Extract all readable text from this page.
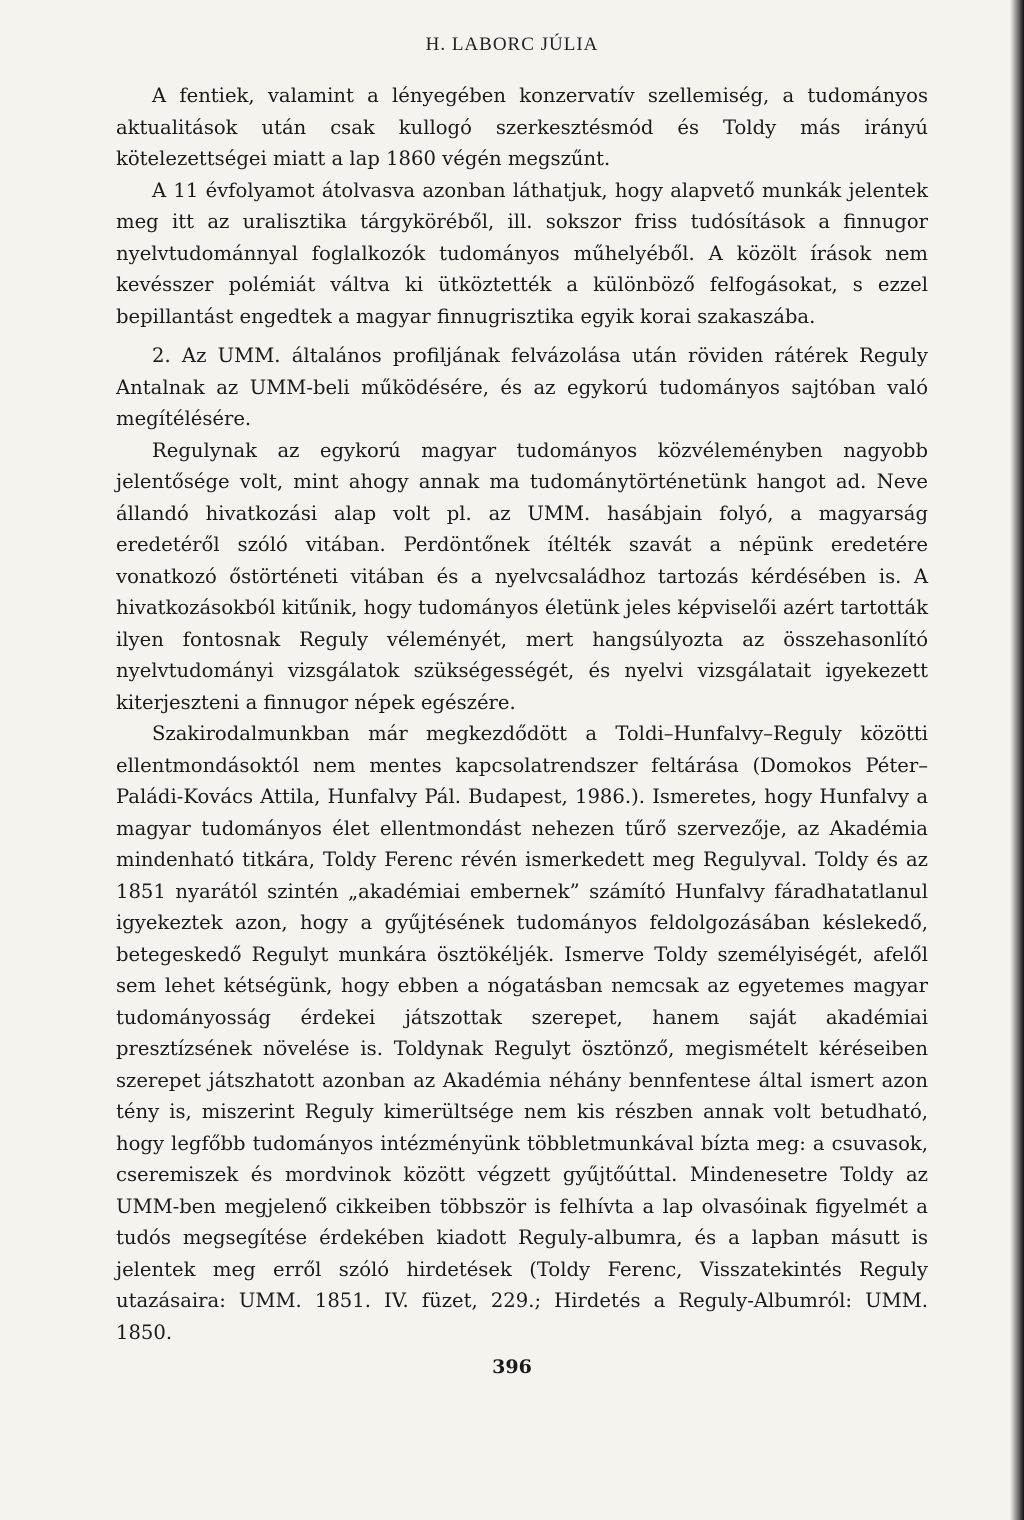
H. LABORC JÚLIA

A fentiek, valamint a lényegében konzervatív szellemiség, a tudományos aktualitások után csak kullogó szerkesztésmód és Toldy más irányú kötelezettségei miatt a lap 1860 végén megszűnt.

A 11 évfolyamot átolvasva azonban láthatjuk, hogy alapvető munkák jelentek meg itt az uralisztika tárgyköréből, ill. sokszor friss tudósítások a finnugor nyelvtudománnyal foglalkozók tudományos műhelyéből. A közölt írások nem kevésszer polémiát váltva ki ütköztették a különböző felfogásokat, s ezzel bepillantást engedtek a magyar finnugrisztika egyik korai szakaszába.

2. Az UMM. általános profiljának felvázolása után röviden rátérek Reguly Antalnak az UMM-beli működésére, és az egykorú tudományos sajtóban való megítélésére.

Regulynak az egykorú magyar tudományos közvéleményben nagyobb jelentősége volt, mint ahogy annak ma tudománytörténetünk hangot ad. Neve állandó hivatkozási alap volt pl. az UMM. hasábjain folyó, a magyarság eredetéről szóló vitában. Perdöntőnek ítélték szavát a népünk eredetére vonatkozó őstörténeti vitában és a nyelvcsaládhoz tartozás kérdésében is. A hivatkozásokból kitűnik, hogy tudományos életünk jeles képviselői azért tartották ilyen fontosnak Reguly véleményét, mert hangsúlyozta az összehasonlító nyelvtudományi vizsgálatok szükségességét, és nyelvi vizsgálatait igyekezett kiterjeszteni a finnugor népek egészére.

Szakirodalmunkban már megkezdődött a Toldi–Hunfalvy–Reguly közötti ellentmondásoktól nem mentes kapcsolatrendszer feltárása (Domokos Péter–Paládi-Kovács Attila, Hunfalvy Pál. Budapest, 1986.). Ismeretes, hogy Hunfalvy a magyar tudományos élet ellentmondást nehezen tűrő szervezője, az Akadémia mindenható titkára, Toldy Ferenc révén ismerkedett meg Regulyval. Toldy és az 1851 nyarától szintén „akadémiai embernek” számító Hunfalvy fáradhatatlanul igyekeztek azon, hogy a gyűjtésének tudományos feldolgozásában késlekedő, betegeskedő Regulyt munkára ösztökéljék. Ismerve Toldy személyiségét, afelől sem lehet kétségünk, hogy ebben a nógatásban nemcsak az egyetemes magyar tudományosság érdekei játszottak szerepet, hanem saját akadémiai presztízsének növelése is. Toldynak Regulyt ösztönző, megismételt kéréseiben szerepet játszhatott azonban az Akadémia néhány bennfentese által ismert azon tény is, miszerint Reguly kimerültsége nem kis részben annak volt betudható, hogy legfőbb tudományos intézményünk többletmunkával bízta meg: a csuvasok, cseremiszek és mordvinok között végzett gyűjtőúttal. Mindenesetre Toldy az UMM-ben megjelenő cikkeiben többször is felhívta a lap olvasóinak figyelmét a tudós megsegítése érdekében kiadott Reguly-albumra, és a lapban másutt is jelentek meg erről szóló hirdetések (Toldy Ferenc, Visszatekintés Reguly utazásaira: UMM. 1851. IV. füzet, 229.; Hirdetés a Reguly-Albumról: UMM. 1850.

396
